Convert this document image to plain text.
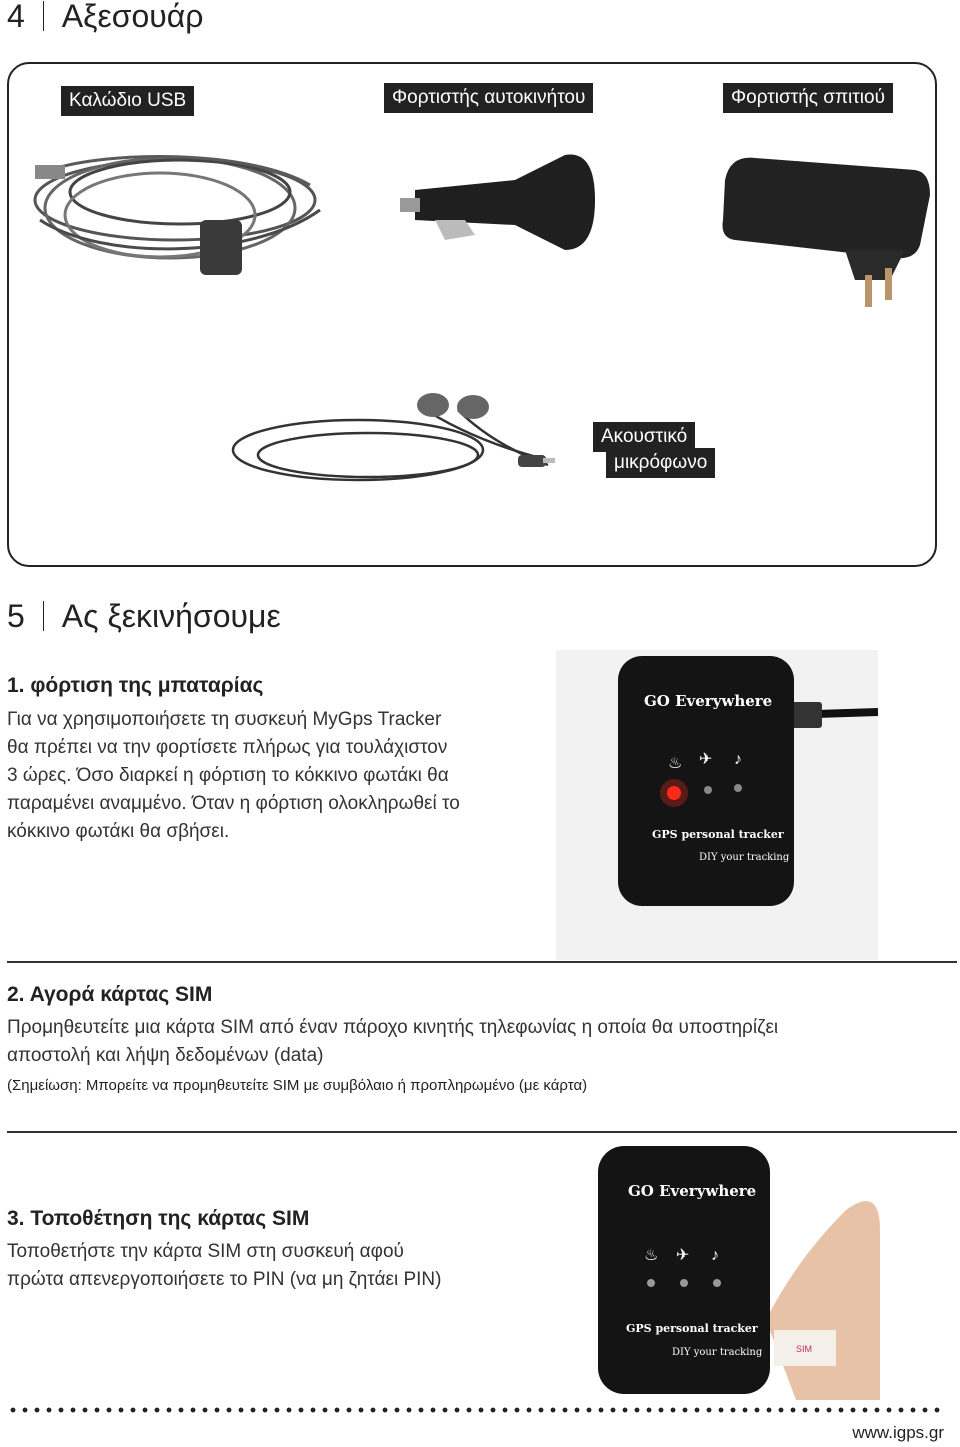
4 Αξεσουάρ
Καλώδιο USB	Φορτιστής αυτοκινήτου	Φορτιστής σπιτιού
Ακουστικό
μικρόφωνο
5 Ας ξεκινήσουμε
1. φόρτιση της μπαταρίας
Για να χρησιμοποιήσετε τη συσκευή MyGps Tracker
θα πρέπει να την φορτίσετε πλήρως για τουλάχιστον
3 ώρες. Όσο διαρκεί η φόρτιση το κόκκινο φωτάκι θα
παραμένει αναμμένο. Όταν η φόρτιση ολοκληρωθεί το
κόκκινο φωτάκι θα σβήσει.
♨ ✈ ♪
GO Everywhere
GPS personal tracker
DIY your tracking
2. Αγορά κάρτας SIM
Προμηθευτείτε μια κάρτα SIM από έναν πάροχο κινητής τηλεφωνίας η οποία θα υποστηρίζει
αποστολή και λήψη δεδομένων (data)
(Σημείωση: Μπορείτε να προμηθευτείτε SIM με συμβόλαιο ή προπληρωμένο (με κάρτα)
SIM
♨ ✈ ♪
GO Everywhere
GPS personal tracker
DIY your tracking
3. Τοποθέτηση της κάρτας SIM
Τοποθετήστε την κάρτα SIM στη συσκευή αφού
πρώτα απενεργοποιήσετε το PIN (να μη ζητάει PIN)
www.igps.gr
